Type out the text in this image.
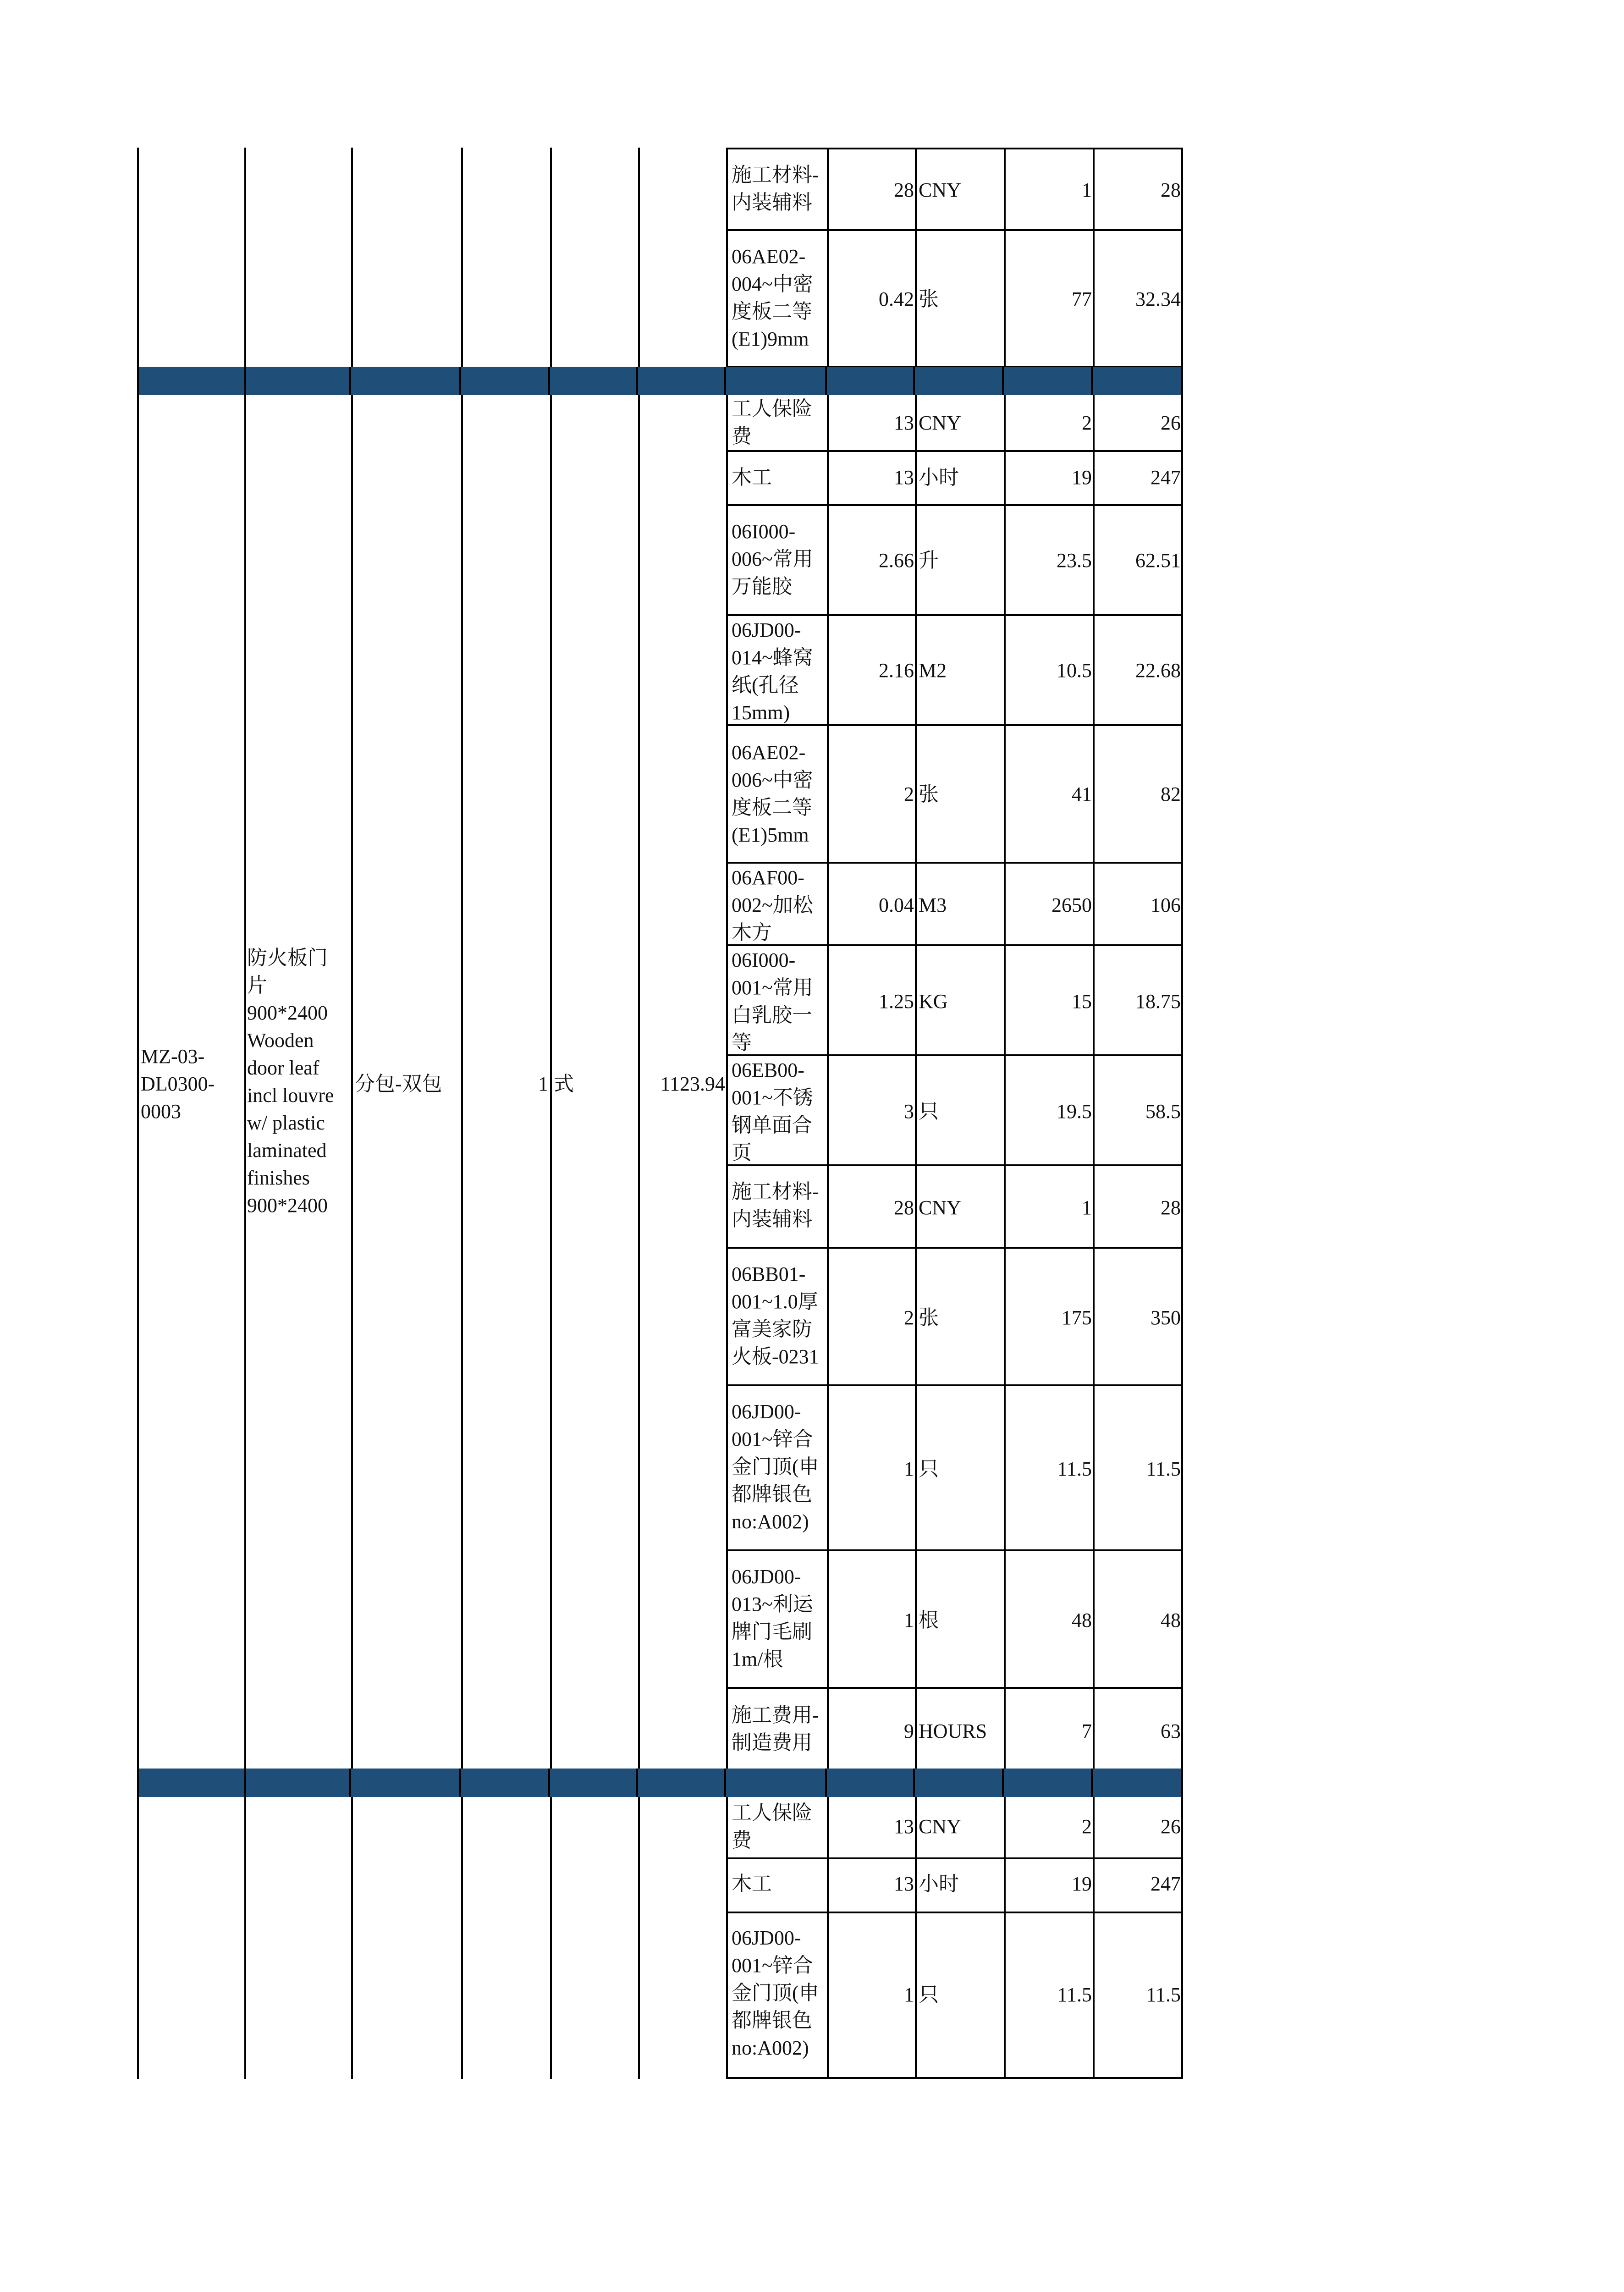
施工材料-
内装辅料
28 CNY	1	28
06AE02-
004~中密
度板二等
(E1)9mm
0.42 张	77	32.34
MZ-03-
DL0300-
0003
防火板门
片
900*2400
Wooden
door leaf
incl louvre
w/ plastic
laminated
finishes
900*2400
分包-双包	1 式	1123.94
工人保险
费
13 CNY	2	26
木工	13 小时	19	247
06I000-
006~常用
万能胶
2.66 升	23.5	62.51
06JD00-
014~蜂窝
纸(孔径
15mm)
2.16 M2	10.5	22.68
06AE02-
006~中密
度板二等
(E1)5mm
2 张	41	82
06AF00-
002~加松
木方
0.04 M3	2650	106
06I000-
001~常用
白乳胶一
等
1.25 KG	15	18.75
06EB00-
001~不锈
钢单面合
页
3 只	19.5	58.5
施工材料-
内装辅料
28 CNY	1	28
06BB01-
001~1.0厚
富美家防
火板-0231
2 张	175	350
06JD00-
001~锌合
金门顶(申
都牌银色
no:A002)
1 只	11.5	11.5
06JD00-
013~利运
牌门毛刷
1m/根
1 根	48	48
施工费用-
制造费用
9 HOURS	7	63
工人保险
费
13 CNY	2	26
木工	13 小时	19	247
06JD00-
001~锌合
金门顶(申
都牌银色
no:A002)
1 只	11.5	11.5
